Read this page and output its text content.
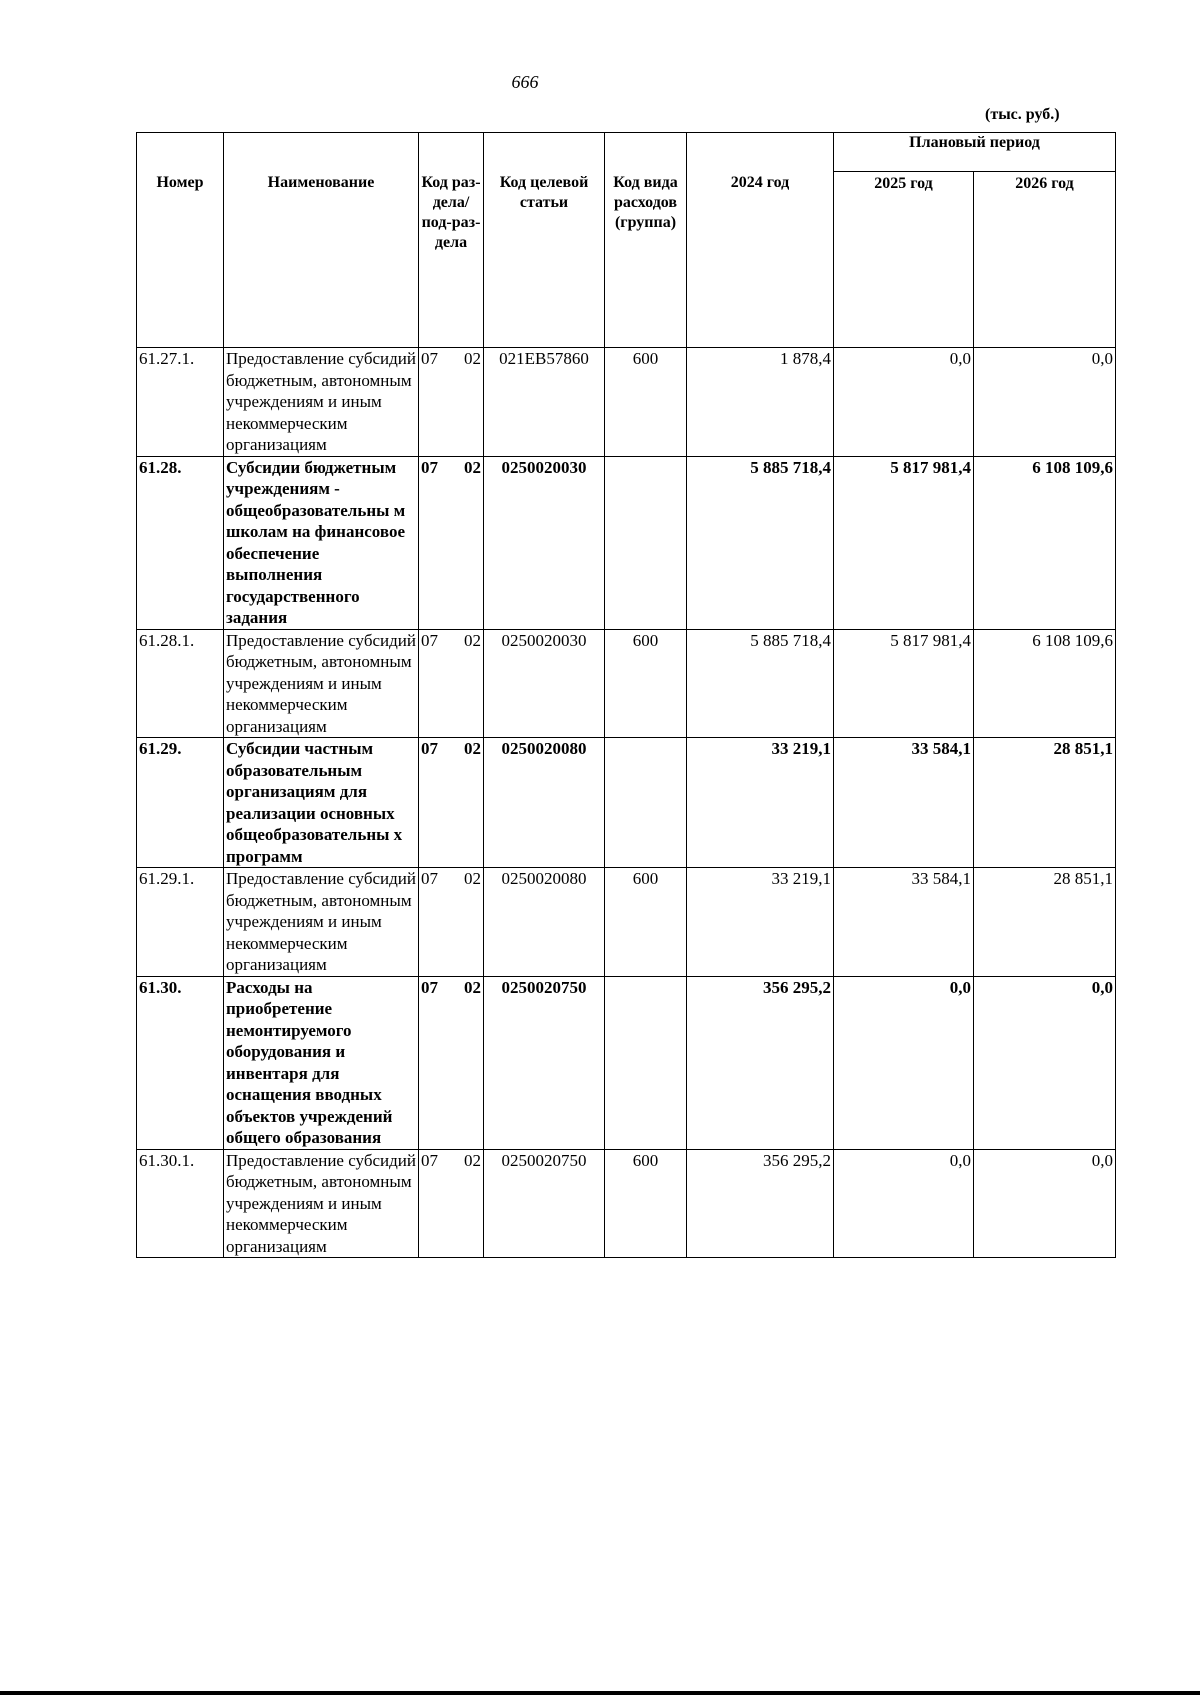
666
(тыс. руб.)
Номер	Наименование	Код раз-дела/ под-раз-дела	Код целевой статьи	Код вида расходов (группа)	2024 год	Плановый период	
						2025 год	2026 год
61.27.1.	Предоставление субсидий бюджетным, автономным учреждениям и иным некоммерческим организациям	07 02	021EB57860	600	1 878,4	0,0	0,0
61.28.	Субсидии бюджетным учреждениям - общеобразовательны м школам на финансовое обеспечение выполнения государственного задания	07 02	0250020030		5 885 718,4	5 817 981,4	6 108 109,6
61.28.1.	Предоставление субсидий бюджетным, автономным учреждениям и иным некоммерческим организациям	07 02	0250020030	600	5 885 718,4	5 817 981,4	6 108 109,6
61.29.	Субсидии частным образовательным организациям для реализации основных общеобразовательны х программ	07 02	0250020080		33 219,1	33 584,1	28 851,1
61.29.1.	Предоставление субсидий бюджетным, автономным учреждениям и иным некоммерческим организациям	07 02	0250020080	600	33 219,1	33 584,1	28 851,1
61.30.	Расходы на приобретение немонтируемого оборудования и инвентаря для оснащения вводных объектов учреждений общего образования	07 02	0250020750		356 295,2	0,0	0,0
61.30.1.	Предоставление субсидий бюджетным, автономным учреждениям и иным некоммерческим организациям	07 02	0250020750	600	356 295,2	0,0	0,0
